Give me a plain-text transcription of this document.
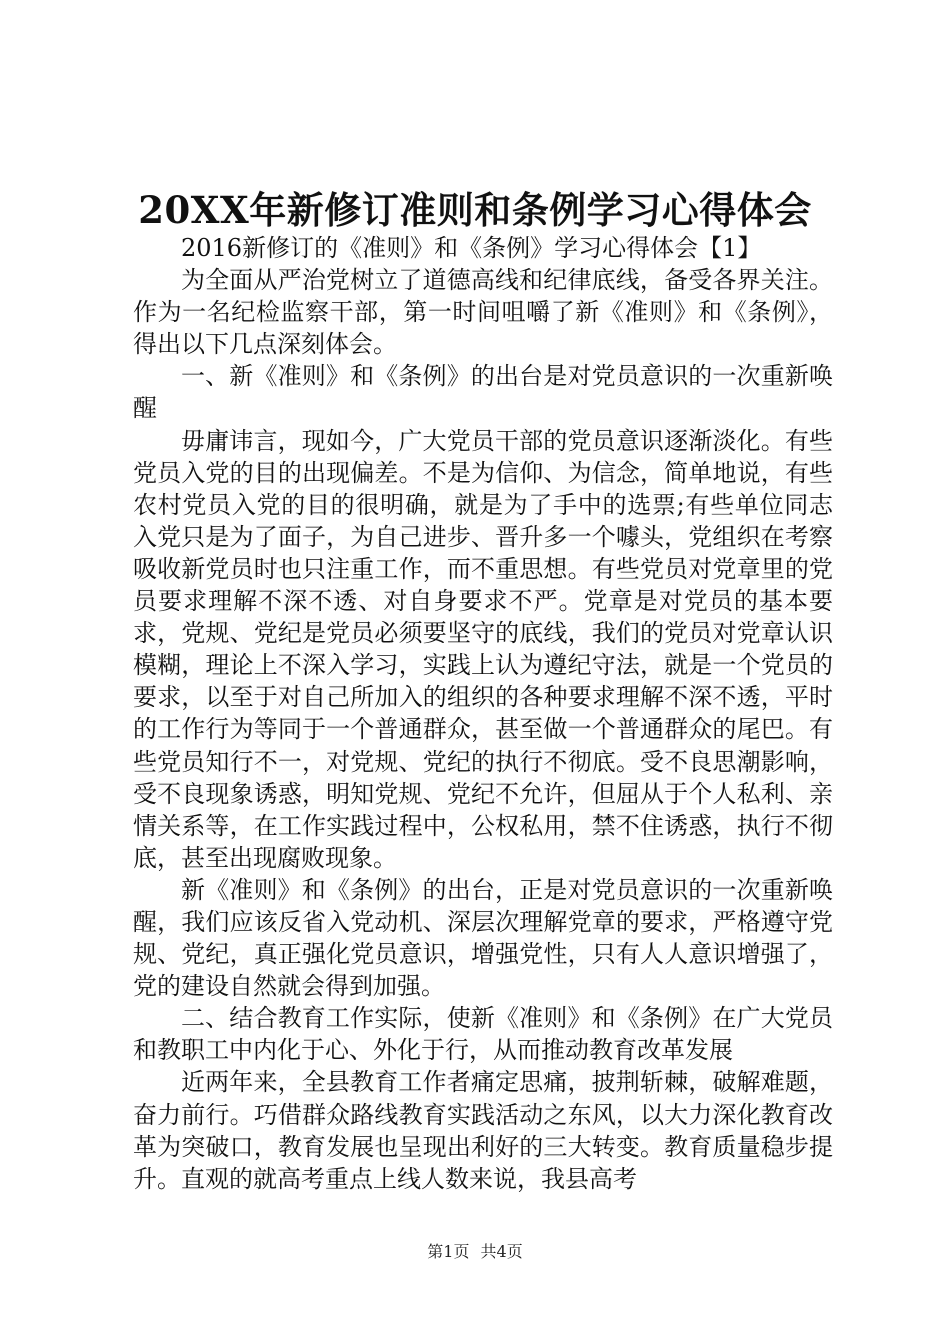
20XX年新修订准则和条例学习心得体会

2016新修订的《准则》和《条例》学习心得体会【1】

为全面从严治党树立了道德高线和纪律底线，备受各界关注。作为一名纪检监察干部，第一时间咀嚼了新《准则》和《条例》，得出以下几点深刻体会。

一、新《准则》和《条例》的出台是对党员意识的一次重新唤醒

毋庸讳言，现如今，广大党员干部的党员意识逐渐淡化。有些党员入党的目的出现偏差。不是为信仰、为信念，简单地说，有些农村党员入党的目的很明确，就是为了手中的选票;有些单位同志入党只是为了面子，为自己进步、晋升多一个噱头，党组织在考察吸收新党员时也只注重工作，而不重思想。有些党员对党章里的党员要求理解不深不透、对自身要求不严。党章是对党员的基本要求，党规、党纪是党员必须要坚守的底线，我们的党员对党章认识模糊，理论上不深入学习，实践上认为遵纪守法，就是一个党员的要求，以至于对自己所加入的组织的各种要求理解不深不透，平时的工作行为等同于一个普通群众，甚至做一个普通群众的尾巴。有些党员知行不一，对党规、党纪的执行不彻底。受不良思潮影响，受不良现象诱惑，明知党规、党纪不允许，但屈从于个人私利、亲情关系等，在工作实践过程中，公权私用，禁不住诱惑，执行不彻底，甚至出现腐败现象。

新《准则》和《条例》的出台，正是对党员意识的一次重新唤醒，我们应该反省入党动机、深层次理解党章的要求，严格遵守党规、党纪，真正强化党员意识，增强党性，只有人人意识增强了，党的建设自然就会得到加强。

二、结合教育工作实际，使新《准则》和《条例》在广大党员和教职工中内化于心、外化于行，从而推动教育改革发展

近两年来，全县教育工作者痛定思痛，披荆斩棘，破解难题，奋力前行。巧借群众路线教育实践活动之东风，以大力深化教育改革为突破口，教育发展也呈现出利好的三大转变。教育质量稳步提升。直观的就高考重点上线人数来说，我县高考

第1页 共4页
